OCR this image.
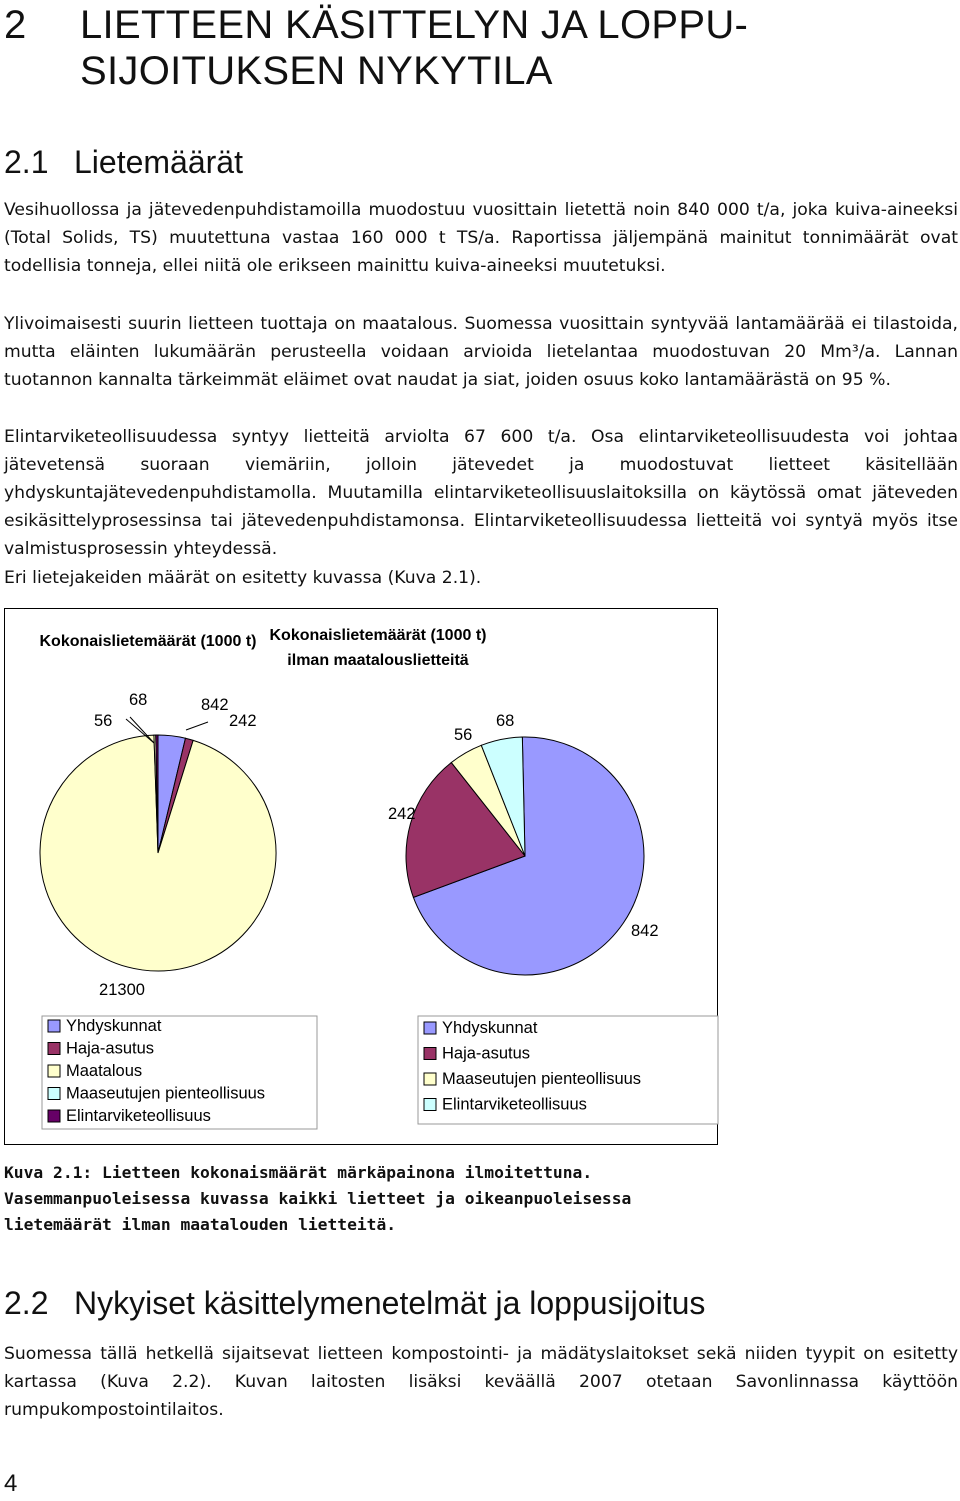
2 LIETTEEN KÄSITTELYN JA LOPPU-SIJOITUKSEN NYKYTILA
2.1 Lietemäärät

Vesihuollossa ja jätevedenpuhdistamoilla muodostuu vuosittain lietettä noin 840 000 t/a, joka kuiva-aineeksi (Total Solids, TS) muutettuna vastaa 160 000 t TS/a. Raportissa jäljempänä mainitut tonnimäärät ovat todellisia tonneja, ellei niitä ole erikseen mainittu kuiva-aineeksi muutetuksi.

Ylivoimaisesti suurin lietteen tuottaja on maatalous. Suomessa vuosittain syntyvää lantamäärää ei tilastoida, mutta eläinten lukumäärän perusteella voidaan arvioida lietelantaa muodostuvan 20 Mm³/a. Lannan tuotannon kannalta tärkeimmät eläimet ovat naudat ja siat, joiden osuus koko lantamäärästä on 95 %.

Elintarviketeollisuudessa syntyy lietteitä arviolta 67 600 t/a. Osa elintarviketeollisuudesta voi johtaa jätevetensä suoraan viemäriin, jolloin jätevedet ja muodostuvat lietteet käsitellään yhdyskuntajätevedenpuhdistamolla. Muutamilla elintarviketeollisuuslaitoksilla on käytössä omat jäteveden esikäsittelyprosessinsa tai jätevedenpuhdistamonsa. Elintarviketeollisuudessa lietteitä voi syntyä myös itse valmistusprosessin yhteydessä.

Eri lietejakeiden määrät on esitetty kuvassa (Kuva 2.1).

Kokonaislietemäärät (1000 t)
842
242
21300
56
68
Yhdyskunnat
Haja-asutus
Maatalous
Maaseutujen pienteollisuus
Elintarviketeollisuus
Kokonaislietemäärät (1000 t)
ilman maatalouslietteitä
842
242
56
68
Yhdyskunnat
Haja-asutus
Maaseutujen pienteollisuus
Elintarviketeollisuus

Kuva 2.1: Lietteen kokonaismäärät märkäpainona ilmoitettuna. Vasemmanpuoleisessa kuvassa kaikki lietteet ja oikeanpuoleisessa lietemäärät ilman maatalouden lietteitä.

2.2 Nykyiset käsittelymenetelmät ja loppusijoitus

Suomessa tällä hetkellä sijaitsevat lietteen kompostointi- ja mädätyslaitokset sekä niiden tyypit on esitetty kartassa (Kuva 2.2). Kuvan laitosten lisäksi keväällä 2007 otetaan Savonlinnassa käyttöön rumpukompostointilaitos.

4
